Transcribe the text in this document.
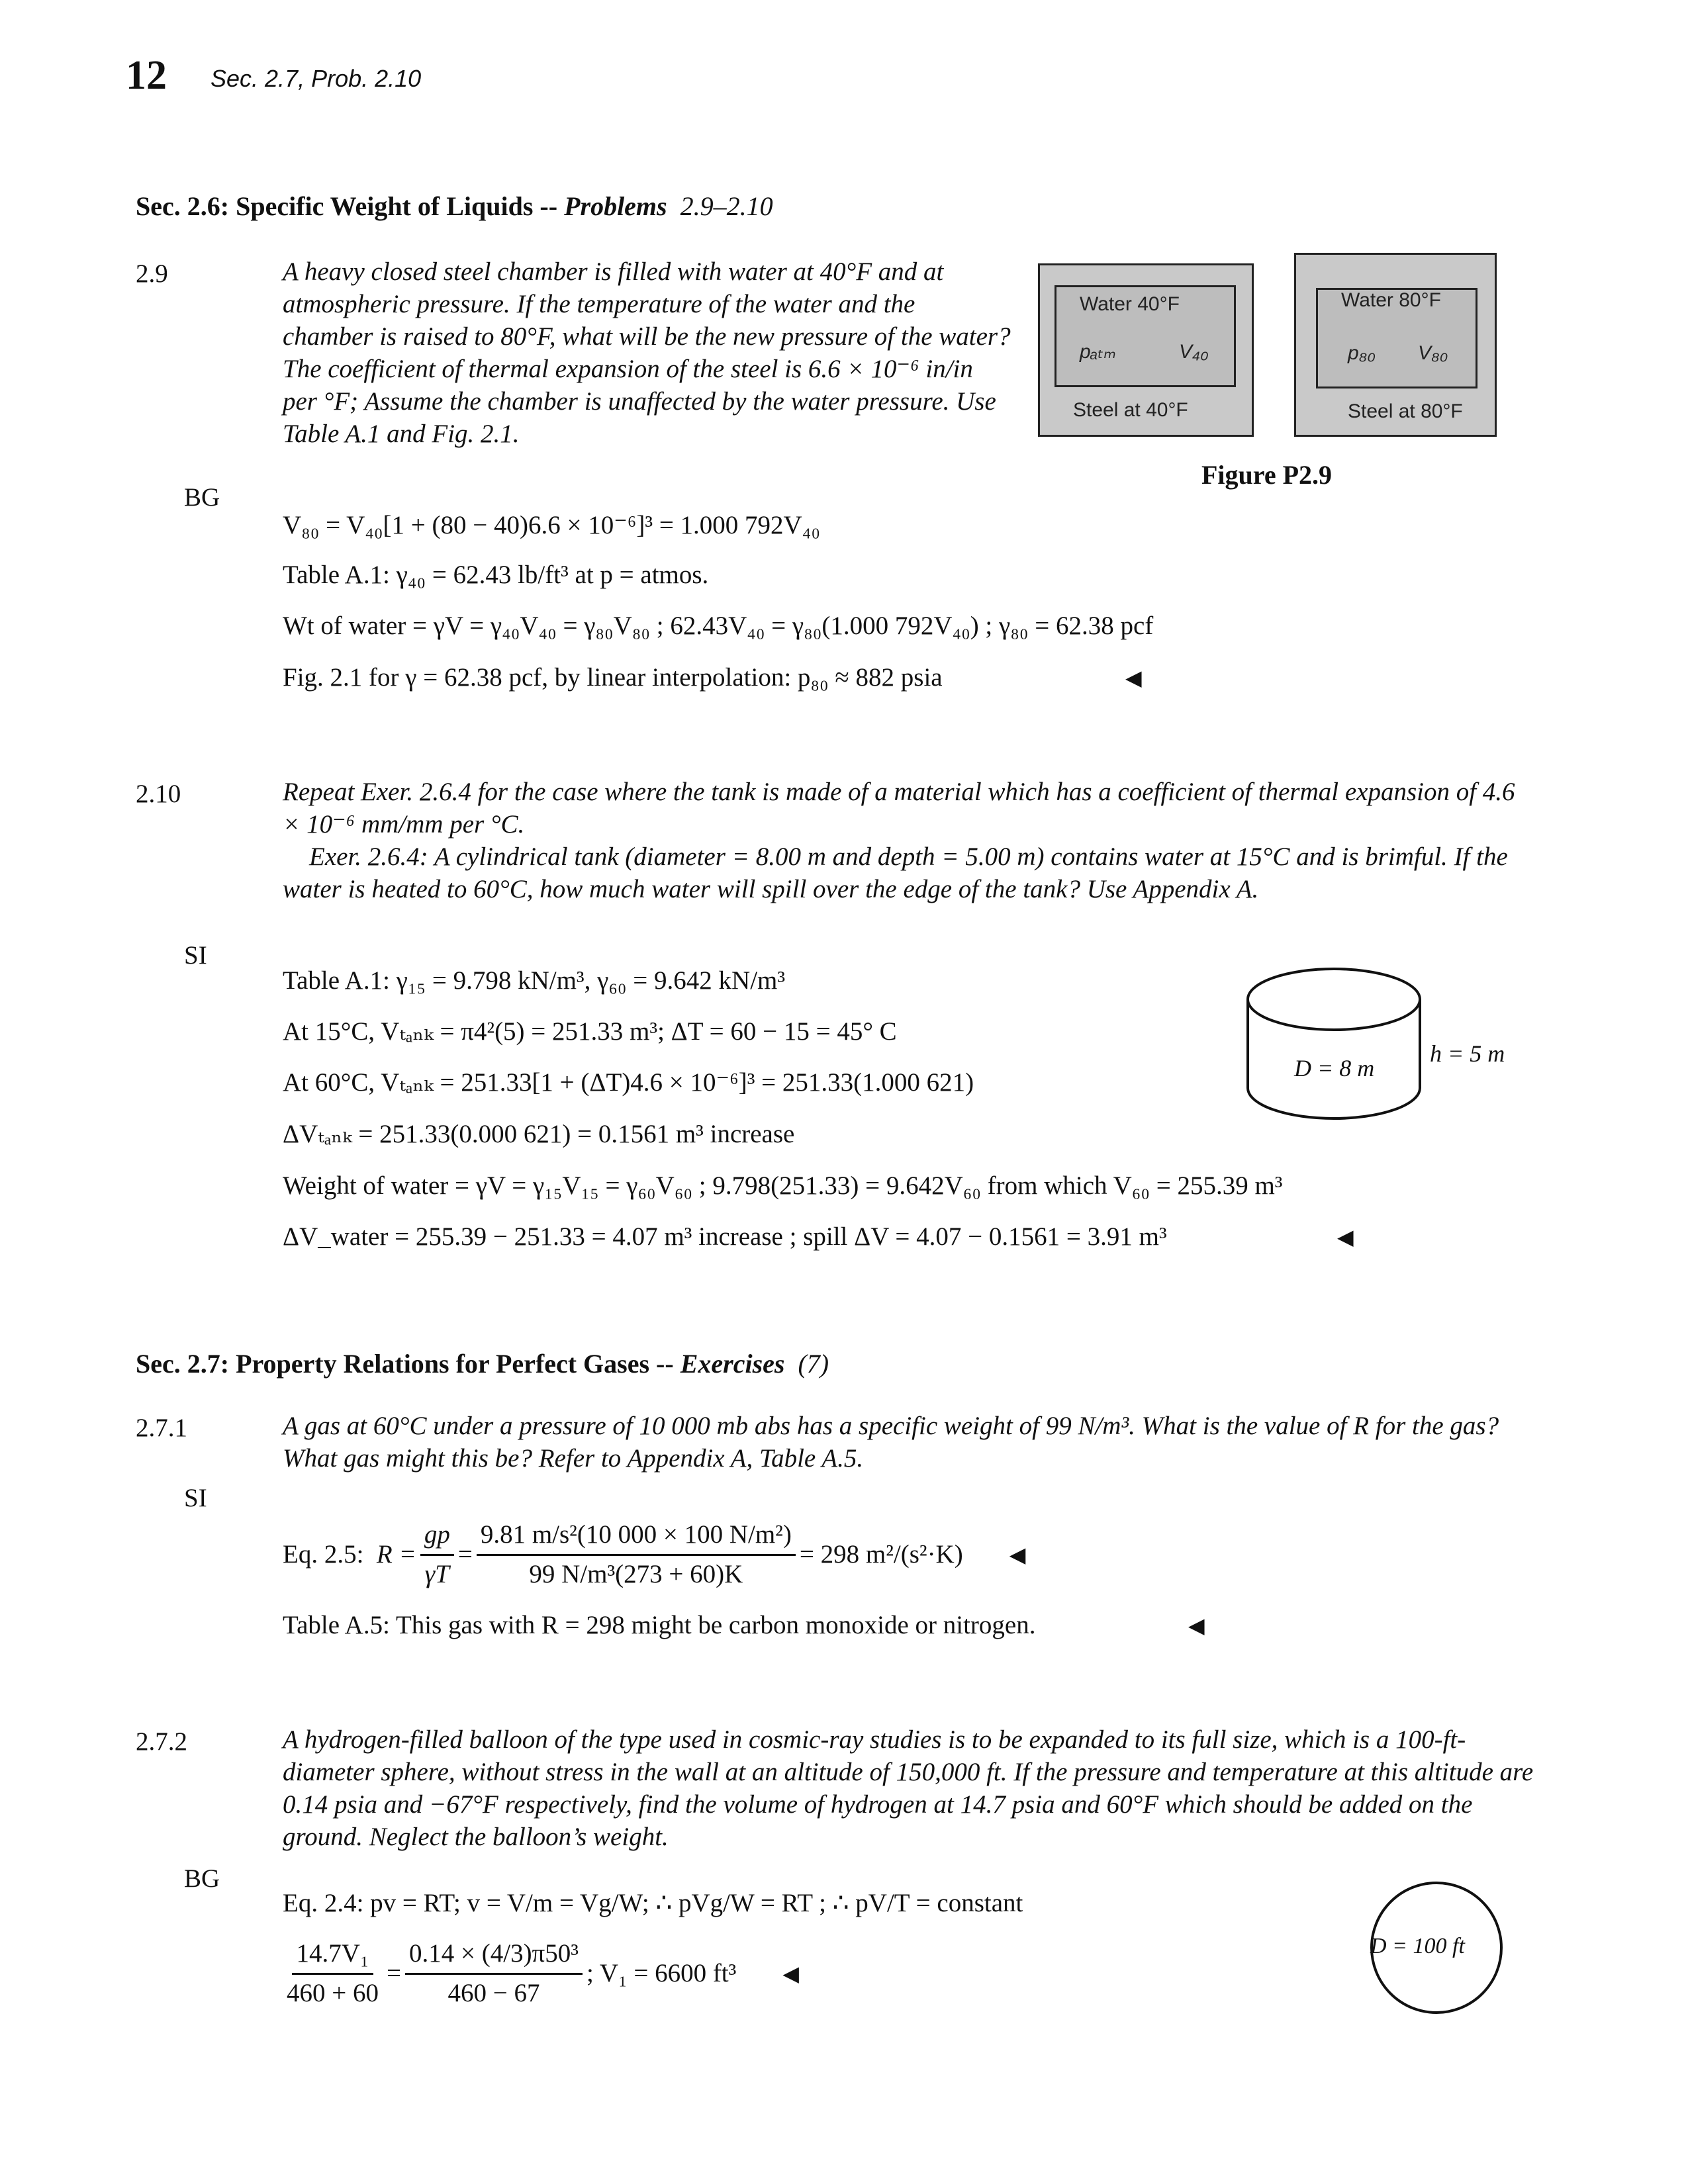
12 Sec. 2.7, Prob. 2.10
Sec. 2.6: Specific Weight of Liquids -- Problems 2.9–2.10
2.9
BG
A heavy closed steel chamber is filled with water at 40°F and at atmospheric pressure. If the temperature of the water and the chamber is raised to 80°F, what will be the new pressure of the water? The coefficient of thermal expansion of the steel is 6.6 × 10⁻⁶ in/in per °F; Assume the chamber is unaffected by the water pressure. Use Table A.1 and Fig. 2.1.
Water 40°F
pₐₜₘ	V₄₀
Steel at 40°F
Water 80°F
p₈₀ V₈₀
Steel at 80°F
Figure P2.9
V₈₀ = V₄₀[1 + (80 − 40)6.6 × 10⁻⁶]³ = 1.000 792V₄₀
Table A.1: γ₄₀ = 62.43 lb/ft³ at p = atmos.
Wt of water = γV = γ₄₀V₄₀ = γ₈₀V₈₀ ; 62.43V₄₀ = γ₈₀(1.000 792V₄₀) ; γ₈₀ = 62.38 pcf
Fig. 2.1 for γ = 62.38 pcf, by linear interpolation: p₈₀ ≈ 882 psia	◀
2.10
SI
Repeat Exer. 2.6.4 for the case where the tank is made of a material which has a coefficient of thermal expansion of 4.6 × 10⁻⁶ mm/mm per °C.
Exer. 2.6.4: A cylindrical tank (diameter = 8.00 m and depth = 5.00 m) contains water at 15°C and is brimful. If the water is heated to 60°C, how much water will spill over the edge of the tank? Use Appendix A.
Table A.1: γ₁₅ = 9.798 kN/m³, γ₆₀ = 9.642 kN/m³
At 15°C, Vₜₐₙₖ = π4²(5) = 251.33 m³; ΔT = 60 − 15 = 45° C
At 60°C, Vₜₐₙₖ = 251.33[1 + (ΔT)4.6 × 10⁻⁶]³ = 251.33(1.000 621)
ΔVₜₐₙₖ = 251.33(0.000 621) = 0.1561 m³ increase
Weight of water = γV = γ₁₅V₁₅ = γ₆₀V₆₀ ; 9.798(251.33) = 9.642V₆₀ from which V₆₀ = 255.39 m³
ΔV_water = 255.39 − 251.33 = 4.07 m³ increase ; spill ΔV = 4.07 − 0.1561 = 3.91 m³	◀
D = 8 m
h = 5 m
Sec. 2.7: Property Relations for Perfect Gases -- Exercises (7)
2.7.1
SI
A gas at 60°C under a pressure of 10 000 mb abs has a specific weight of 99 N/m³. What is the value of R for the gas? What gas might this be? Refer to Appendix A, Table A.5.
Eq. 2.5:
$R = \frac{gp}{\gamma T} = \frac{\text{9.81 m/s²(10 000 × 100 N/m²)}}{\text{99 N/m³(273 + 60)K}} = 298$ m²/(s²·K) ◀
Table A.5: This gas with R = 298 might be carbon monoxide or nitrogen.	◀
2.7.2
BG
A hydrogen-filled balloon of the type used in cosmic-ray studies is to be expanded to its full size, which is a 100-ft-diameter sphere, without stress in the wall at an altitude of 150,000 ft. If the pressure and temperature at this altitude are 0.14 psia and −67°F respectively, find the volume of hydrogen at 14.7 psia and 60°F which should be added on the ground. Neglect the balloon’s weight.
Eq. 2.4: pv = RT; v = V/m = Vg/W; ∴ pVg/W = RT ; ∴ pV/T = constant
$\frac{\text{14.7V₁}}{460 + 60} = \frac{\text{0.14 × (4/3)π50³}}{460 - 67}$ ; V₁ = 6600 ft³ ◀
D = 100 ft
